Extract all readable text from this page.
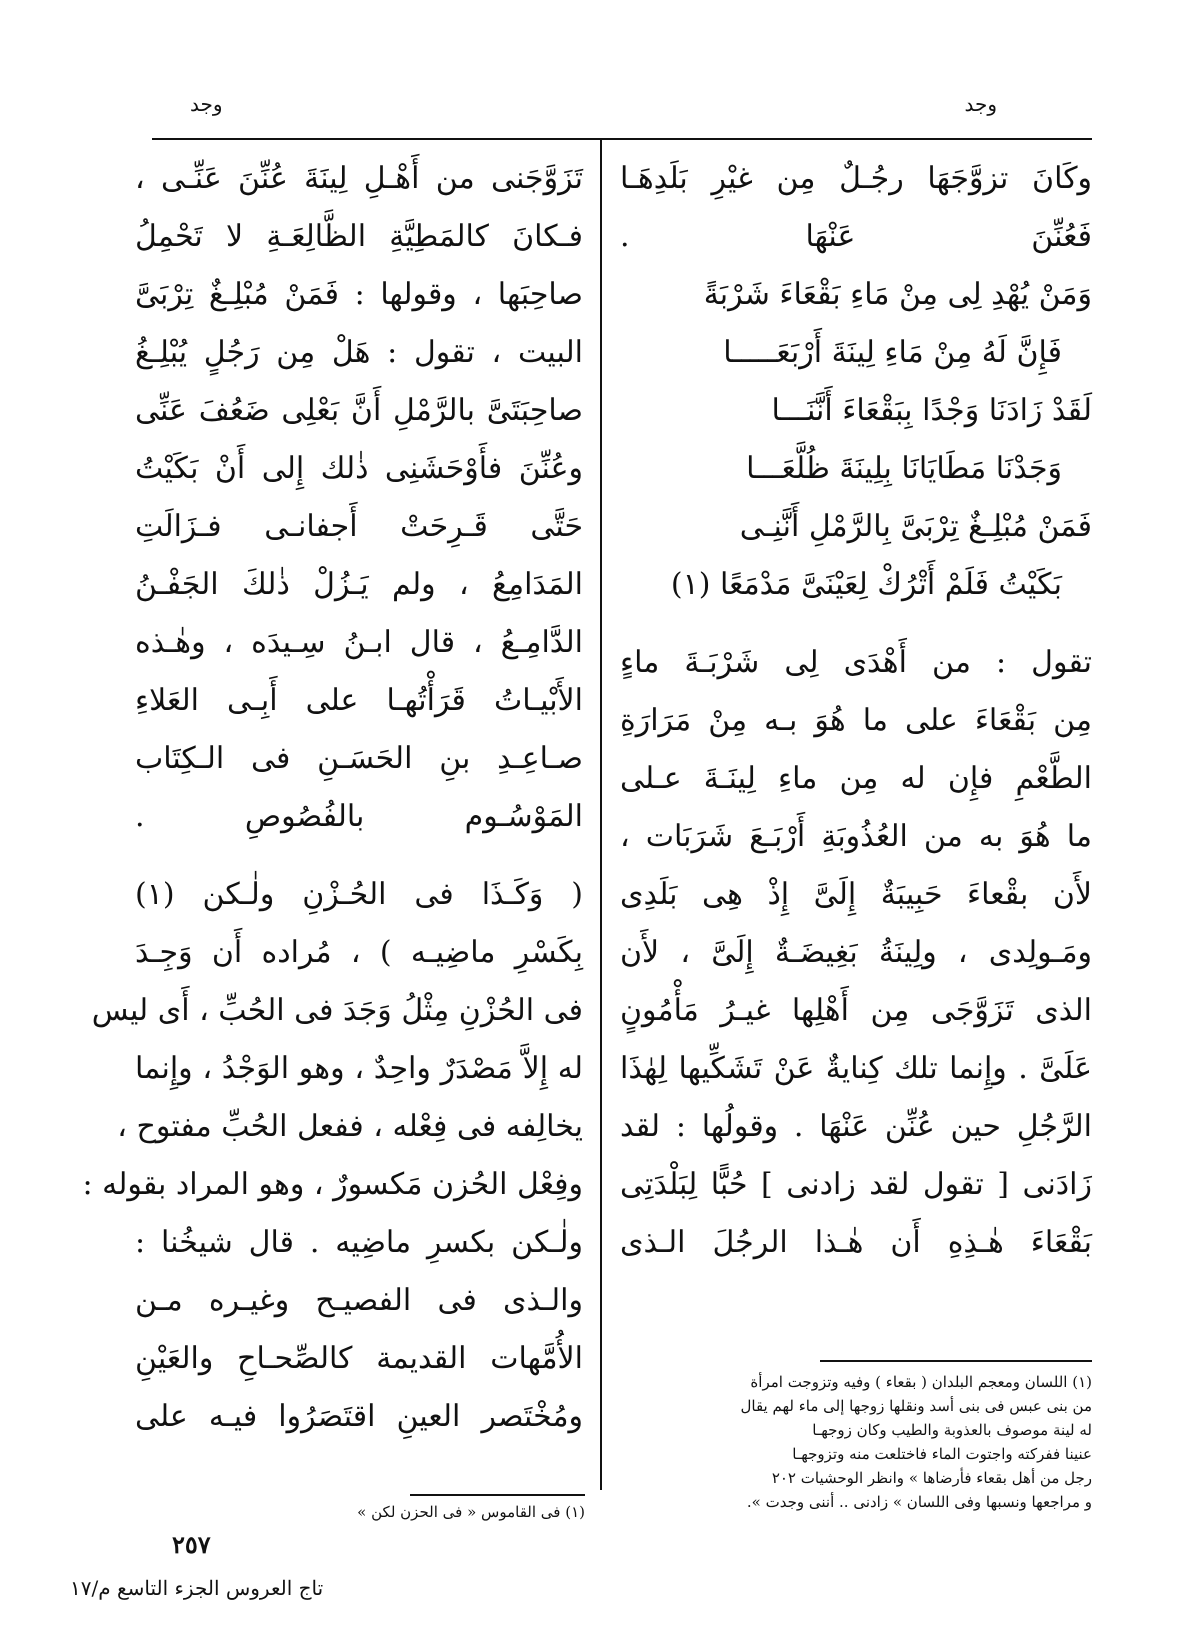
وجد
وجد
وكَانَ تزوَّجَهَا رجُـلٌ مِن غيْرِ بَلَدِهَـا
فَعُنِّنَ عَنْهَا .
وَمَنْ يُهْدِ لِى مِنْ مَاءِ بَقْعَاءَ شَرْبَةً
فَإِنَّ لَهُ مِنْ مَاءِ لِينَةَ أَرْبَعَـــــا
لَقَدْ زَادَنَا وَجْدًا بِبَقْعَاءَ أَنَّنَـــا
وَجَدْنَا مَطَايَانَا بِلِينَةَ ظُلَّعَـــا
فَمَنْ مُبْلِـغٌ تِرْبَىَّ بِالرَّمْلِ أَنَّنِـى
بَكَيْتُ فَلَمْ أَتْرُكْ لِعَيْنَىَّ مَدْمَعًا (١)
تقول : من أَهْدَى لِى شَرْبَـةَ ماءٍ
مِن بَقْعَاءَ على ما هُوَ بـه مِنْ مَرَارَةِ
الطَّعْمِ فإِن له مِن ماءِ لِينَـةَ عـلى
ما هُوَ به من العُذُوبَةِ أَرْبَـعَ شَرَبَات ،
لأَن بقْعاءَ حَبِيبَةٌ إِلَىَّ إِذْ هِى بَلَدِى
ومَـولِدى ، ولِينَةُ بَغِيضَـةٌ إِلَىَّ ، لأَن
الذى تَزَوَّجَى مِن أَهْلِها غيـرُ مَأْمُونٍ
عَلَىَّ . وإِنما تلك كِنايةٌ عَنْ تَشَكِّيها لِهٰذَا
الرَّجُلِ حين عُنِّن عَنْهَا . وقولُها : لقد
زَادَنى [ تقول لقد زادنى ] حُبًّا لِبَلْدَتِى
بَقْعَاءَ هٰـذِهِ أَن هٰـذا الرجُلَ الـذى
تَزَوَّجَنى من أَهْـلِ لِينَةَ عُنِّنَ عَنِّـى ،
فـكانَ كالمَطِيَّةِ الظَّالِعَـةِ لا تَحْمِلُ
صاحِبَها ، وقولها : فَمَنْ مُبْلِـغٌ تِرْبَىَّ
البيت ، تقول : هَلْ مِن رَجُلٍ يُبْلِـغُ
صاحِبَتَىَّ بالرَّمْلِ أَنَّ بَعْلِى ضَعُفَ عَنِّى
وعُنِّنَ فأَوْحَشَنِى ذٰلك إِلى أَنْ بَكَيْتُ
حَتَّى قَـرِحَتْ أَجفانـى فـزَالَتِ
المَدَامِعُ ، ولم يَـزُلْ ذٰلكَ الجَفْـنُ
الدَّامِـعُ ، قال ابـنُ سِـيدَه ، وهٰـذه
الأَبْيـاتُ قَرَأْتُهـا على أَبِـى العَلاءِ
صـاعِـدِ بنِ الحَسَـنِ فى الـكِتَاب
المَوْسُـوم بالفُصُوصِ .
( وَكَـذَا فى الحُـزْنِ ولٰـكن (١)
بِكَسْرِ ماضِيـه ) ، مُراده أَن وَجِـدَ
فى الحُزْنِ مِثْلُ وَجَدَ فى الحُبِّ ، أَى ليس
له إِلاَّ مَصْدَرٌ واحِدٌ ، وهو الوَجْدُ ، وإِنما
يخالِفه فى فِعْله ، ففعل الحُبِّ مفتوح ،
وفِعْل الحُزن مَكسورٌ ، وهو المراد بقوله :
ولٰـكن بكسرِ ماضِيه . قال شيخُنا :
والـذى فى الفصيـح وغيـره مـن
الأُمَّهات القديمة كالصِّحـاحِ والعَيْنِ
ومُخْتَصر العينِ اقتَصَرُوا فيـه على
(١) اللسان ومعجم البلدان ( بقعاء ) وفيه وتزوجت امرأة
من بنى عبس فى بنى أسد ونقلها زوجها إلى ماء لهم يقال
له لينة موصوف بالعذوبة والطيب وكان زوجهـا
عنينا ففركته واجتوت الماء فاختلعت منه وتزوجهـا
رجل من أهل بقعاء فأرضاها » وانظر الوحشيات ٢٠٢
و مراجعها ونسبها وفى اللسان » زادنى .. أننى وجدت ».
(١) فى القاموس « فى الحزن لكن »
٢٥٧
تاج العروس الجزء التاسع م/١٧
